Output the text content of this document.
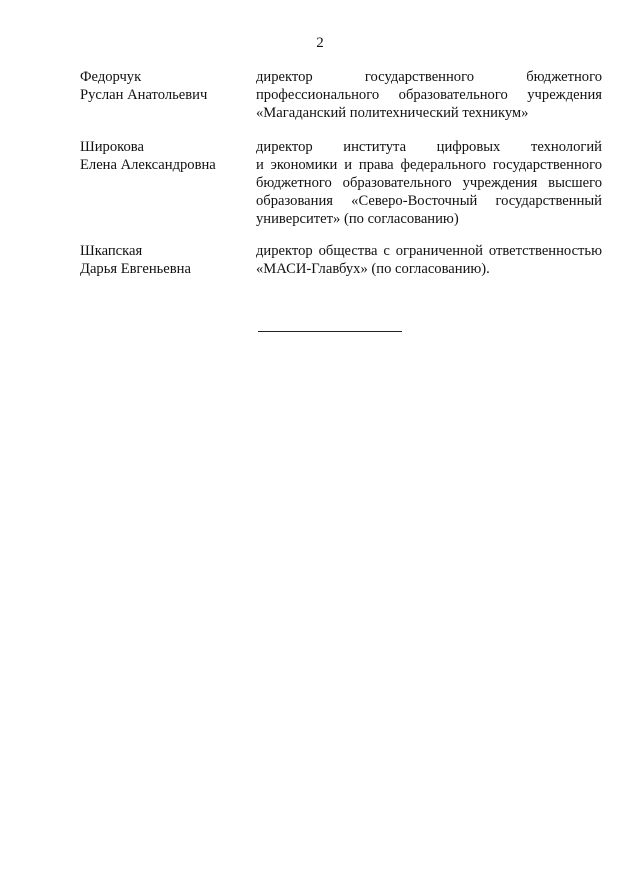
2
Федорчук
Руслан Анатольевич
директор государственного бюджетного
профессионального образовательного учреждения
«Магаданский политехнический техникум»
Широкова
Елена Александровна
директор института цифровых технологий
и экономики и права федерального государственного
бюджетного образовательного учреждения высшего
образования «Северо-Восточный государственный
университет» (по согласованию)
Шкапская
Дарья Евгеньевна
директор общества с ограниченной ответственностью
«МАСИ-Главбух» (по согласованию).
